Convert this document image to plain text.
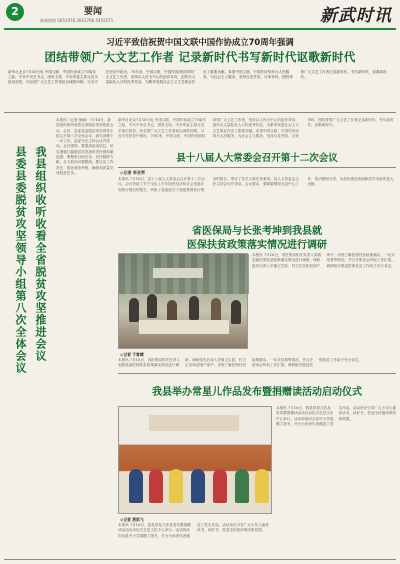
2	要闻
新闻热线 5651978 3661766 5455571	新武时讯
习近平致信祝贺中国文联中国作协成立70周年强调
团结带领广大文艺工作者 记录新时代书写新时代讴歌新时代
新华社北京7月16日电 中国文联、中国作协成立70周年之际，中共中央总书记、国家主席、中央军委主席习近平致信祝贺，向全国广大文艺工作者致以诚挚问候。习近平在贺信中指出，70年来，中国文联、中国作协团结带领广大文艺工作者，坚持以人民为中心的创作导向，创作出大量脍炙人口的优秀作品，为繁荣发展社会主义文艺事业作出了重要贡献。希望中国文联、中国作协坚持为人民服务、为社会主义服务，坚持百花齐放、百家争鸣，团结带领广大文艺工作者记录新时代、书写新时代、讴歌新时代。
县委县委脱贫攻坚领导小组第八次全体会议 我县组织收听收看全省脱贫攻坚推进会议
本报讯（记者 徐晓）7月16日，我县组织收听收看全省脱贫攻坚推进会议。会后，县委县委脱贫攻坚领导小组召开第八次全体会议，研究部署下一步工作。县委书记主持会议并讲话。会议强调，要提高政治站位，切实增强打赢脱贫攻坚战的责任感和紧迫感；要聚焦目标任务，坚持精准方略，全力抓好问题整改；要压实工作责任，强化督查考核，确保高质量完成脱贫任务。
新华社北京7月16日电 中国文联、中国作协成立70周年之际，中共中央总书记、国家主席、中央军委主席习近平致信祝贺，向全国广大文艺工作者致以诚挚问候。习近平在贺信中指出，70年来，中国文联、中国作协团结带领广大文艺工作者，坚持以人民为中心的创作导向，创作出大量脍炙人口的优秀作品，为繁荣发展社会主义文艺事业作出了重要贡献。希望中国文联、中国作协坚持为人民服务、为社会主义服务，坚持百花齐放、百家争鸣，团结带领广大文艺工作者记录新时代、书写新时代、讴歌新时代。
县十八届人大常委会召开第十二次会议
◎记者 李亚荣
本报讯 7月16日，县十八届人大常委会召开第十二次会议。会议听取了关于全县上半年国民经济和社会发展计划执行情况的报告，听取了县政府关于县级预算执行情况的报告，审议了有关人事任免事项。县人大常委会主任主持会议并讲话。会议要求，要紧紧围绕全县中心工作，依法履职尽责，为加快建设美丽新武作出新的更大贡献。
省医保局与长张考坤到我县就
医保扶贫政策落实情况进行调研
◎记者 于雪晴
本报讯 7月16日，省医保局相关负责人到我县就医保扶贫政策落实情况进行调研。调研组先后深入乡镇卫生院、村卫生室和贫困户家中，详细了解医保扶贫政策落实、一站式结算等情况，并召开座谈会听取工作汇报。调研组对我县医保扶贫工作给予充分肯定。
本报讯 7月16日，省医保局相关负责人到我县就医保扶贫政策落实情况进行调研。调研组先后深入乡镇卫生院、村卫生室和贫困户家中，详细了解医保扶贫政策落实、一站式结算等情况，并召开座谈会听取工作汇报。调研组对我县医保扶贫工作给予充分肯定。
我县举办常星儿作品发布暨捐赠读活动启动仪式
◎记者 燕雨飞
本报讯 7月16日，我县常星儿作品发布暨捐赠读活动启动仪式在县文化中心举行。活动现场向全县中小学捐赠了图书，并为小读者代表赠送了签名作品。活动旨在引导广大少年儿童爱读书、读好书，营造全民阅读的浓厚氛围。
本报讯 7月16日，我县常星儿作品发布暨捐赠读活动启动仪式在县文化中心举行。活动现场向全县中小学捐赠了图书，并为小读者代表赠送了签名作品。活动旨在引导广大少年儿童爱读书、读好书，营造全民阅读的浓厚氛围。
